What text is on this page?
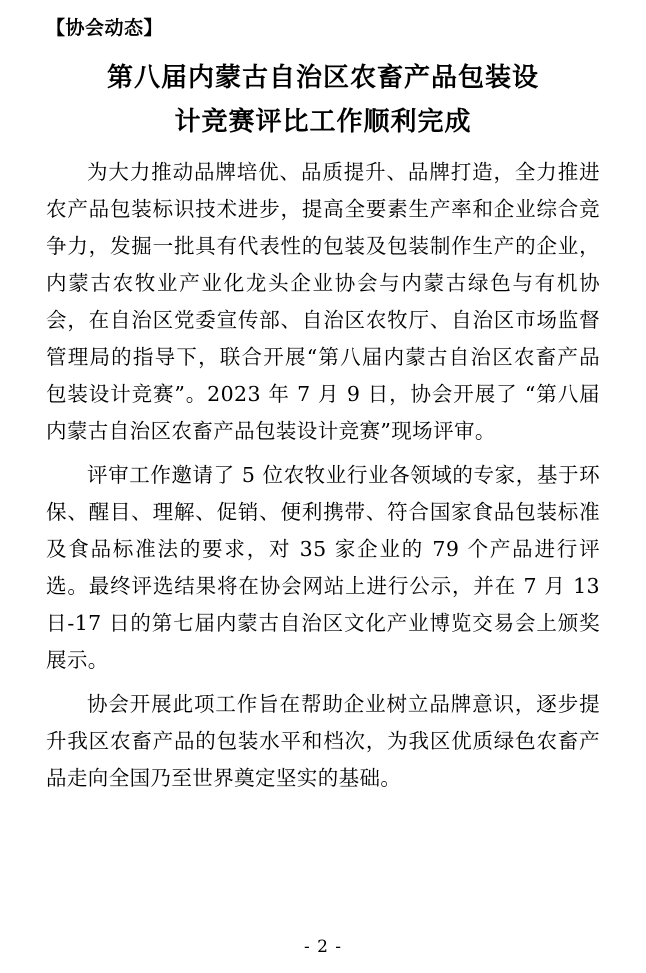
【协会动态】
第八届内蒙古自治区农畜产品包装设
计竞赛评比工作顺利完成

为大力推动品牌培优、品质提升、品牌打造，全力推进农产品包装标识技术进步，提高全要素生产率和企业综合竞争力，发掘一批具有代表性的包装及包装制作生产的企业，内蒙古农牧业产业化龙头企业协会与内蒙古绿色与有机协会，在自治区党委宣传部、自治区农牧厅、自治区市场监督管理局的指导下，联合开展“第八届内蒙古自治区农畜产品包装设计竞赛”。2023 年 7 月 9 日，协会开展了 “第八届内蒙古自治区农畜产品包装设计竞赛”现场评审。

评审工作邀请了 5 位农牧业行业各领域的专家，基于环保、醒目、理解、促销、便利携带、符合国家食品包装标准及食品标准法的要求，对 35 家企业的 79 个产品进行评选。最终评选结果将在协会网站上进行公示，并在 7 月 13 日-17 日的第七届内蒙古自治区文化产业博览交易会上颁奖展示。

协会开展此项工作旨在帮助企业树立品牌意识，逐步提升我区农畜产品的包装水平和档次，为我区优质绿色农畜产品走向全国乃至世界奠定坚实的基础。

- 2 -
